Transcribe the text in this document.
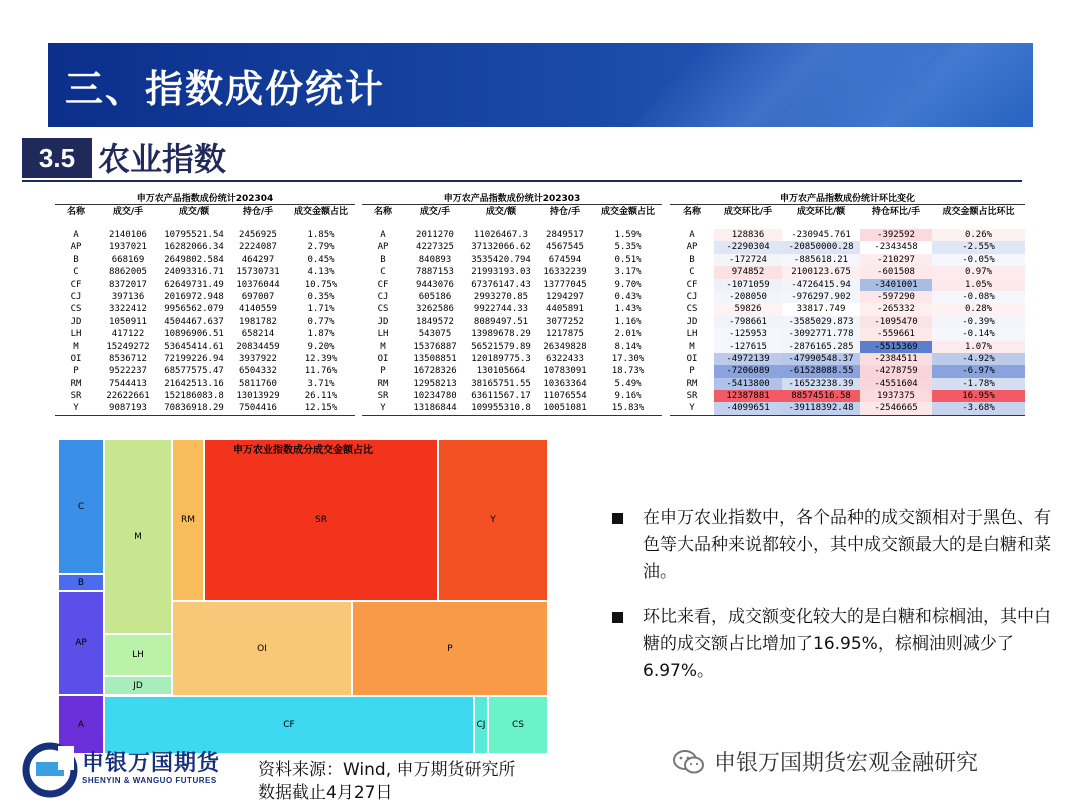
三、指数成份统计
3.5 农业指数
申万农产品指数成份统计202304
名称	成交/手	成交/额	持仓/手	成交金额占比
A	2140106	10795521.54	2456925	1.85%
AP	1937021	16282066.34	2224087	2.79%
B	668169	2649802.584	464297	0.45%
C	8862005	24093316.71	15730731	4.13%
CF	8372017	62649731.49	10376044	10.75%
CJ	397136	2016972.948	697007	0.35%
CS	3322412	9956562.079	4140559	1.71%
JD	1050911	4504467.637	1981782	0.77%
LH	417122	10896906.51	658214	1.87%
M	15249272	53645414.61	20834459	9.20%
OI	8536712	72199226.94	3937922	12.39%
P	9522237	68577575.47	6504332	11.76%
RM	7544413	21642513.16	5811760	3.71%
SR	22622661	152186083.8	13013929	26.11%
Y	9087193	70836918.29	7504416	12.15%
申万农产品指数成份统计202303
名称	成交/手	成交/额	持仓/手	成交金额占比
A	2011270	11026467.3	2849517	1.59%
AP	4227325	37132066.62	4567545	5.35%
B	840893	3535420.794	674594	0.51%
C	7887153	21993193.03	16332239	3.17%
CF	9443076	67376147.43	13777045	9.70%
CJ	605186	2993270.85	1294297	0.43%
CS	3262586	9922744.33	4405891	1.43%
JD	1849572	8089497.51	3077252	1.16%
LH	543075	13989678.29	1217875	2.01%
M	15376887	56521579.89	26349828	8.14%
OI	13508851	120189775.3	6322433	17.30%
P	16728326	130105664	10783091	18.73%
RM	12958213	38165751.55	10363364	5.49%
SR	10234780	63611567.17	11076554	9.16%
Y	13186844	109955310.8	10051081	15.83%
申万农产品指数成份统计环比变化
名称	成交环比/手	成交环比/额	持仓环比/手	成交金额占比环比
A	128836	-230945.761	-392592	0.26%
AP	-2290304	-20850000.28	-2343458	-2.55%
B	-172724	-885618.21	-210297	-0.05%
C	974852	2100123.675	-601508	0.97%
CF	-1071059	-4726415.94	-3401001	1.05%
CJ	-208050	-976297.902	-597290	-0.08%
CS	59826	33817.749	-265332	0.28%
JD	-798661	-3585029.873	-1095470	-0.39%
LH	-125953	-3092771.778	-559661	-0.14%
M	-127615	-2876165.285	-5515369	1.07%
OI	-4972139	-47990548.37	-2384511	-4.92%
P	-7206089	-61528088.55	-4278759	-6.97%
RM	-5413800	-16523238.39	-4551604	-1.78%
SR	12387881	88574516.58	1937375	16.95%
Y	-4099651	-39118392.48	-2546665	-3.68%
申万农业指数成分成交金额占比
C
B
AP
A
M
LH
JD
RM	SR	Y
OI	P
CF	CJ	CS
在申万农业指数中，各个品种的成交额相对于黑色、有色等大品种来说都较小，其中成交额最大的是白糖和菜油。
环比来看，成交额变化较大的是白糖和棕榈油，其中白糖的成交额占比增加了16.95%，棕榈油则减少了6.97%。
申银万国期货
SHENYIN & WANGUO FUTURES
资料来源：Wind, 申万期货研究所
数据截止4月27日
申银万国期货宏观金融研究
